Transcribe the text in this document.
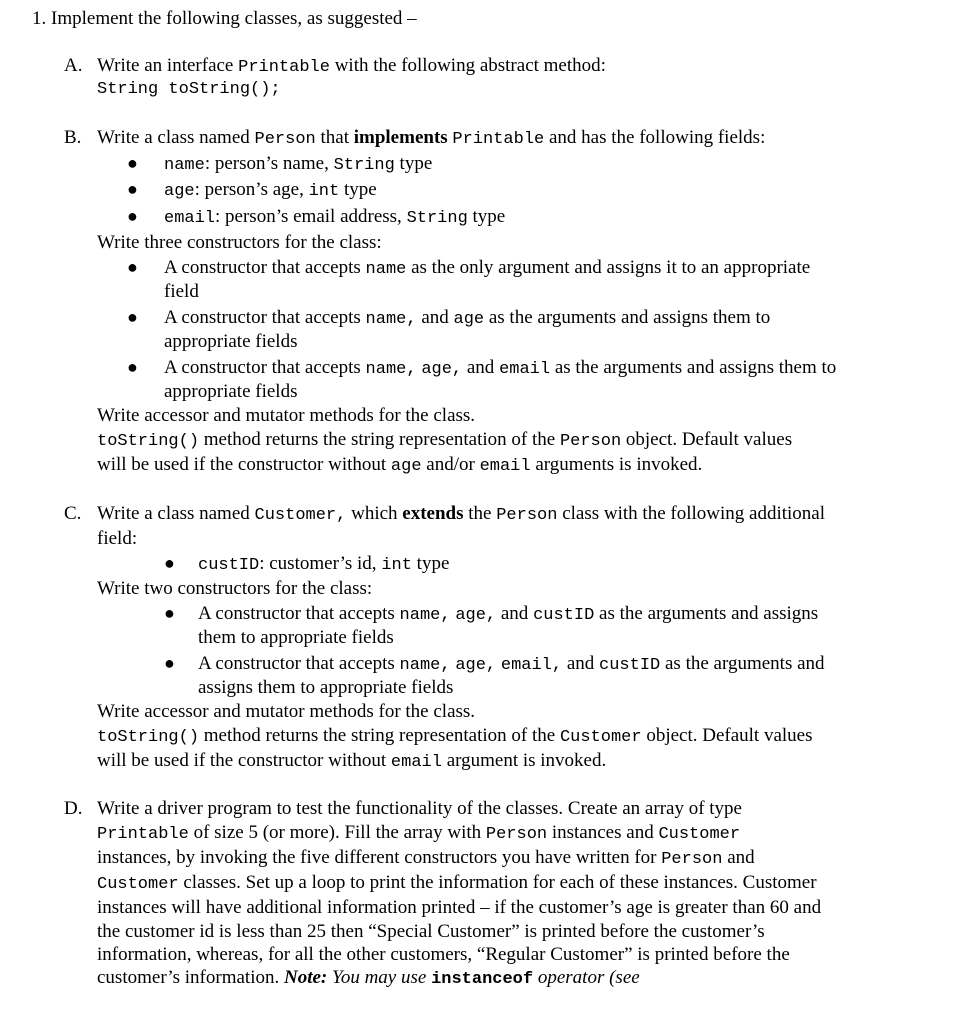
1. Implement the following classes, as suggested –
A. Write an interface Printable with the following abstract method:
String toString();
B. Write a class named Person that implements Printable and has the following fields:
● name: person’s name, String type
● age: person’s age, int type
● email: person’s email address, String type
Write three constructors for the class:
● A constructor that accepts name as the only argument and assigns it to an appropriate
field
● A constructor that accepts name, and age as the arguments and assigns them to
appropriate fields
● A constructor that accepts name, age, and email as the arguments and assigns them to
appropriate fields
Write accessor and mutator methods for the class.
toString() method returns the string representation of the Person object. Default values
will be used if the constructor without age and/or email arguments is invoked.
C. Write a class named Customer, which extends the Person class with the following additional
field:
● custID: customer’s id, int type
Write two constructors for the class:
● A constructor that accepts name, age, and custID as the arguments and assigns
them to appropriate fields
● A constructor that accepts name, age, email, and custID as the arguments and
assigns them to appropriate fields
Write accessor and mutator methods for the class.
toString() method returns the string representation of the Customer object. Default values
will be used if the constructor without email argument is invoked.
D. Write a driver program to test the functionality of the classes. Create an array of type
Printable of size 5 (or more). Fill the array with Person instances and Customer
instances, by invoking the five different constructors you have written for Person and
Customer classes. Set up a loop to print the information for each of these instances. Customer
instances will have additional information printed – if the customer’s age is greater than 60 and
the customer id is less than 25 then “Special Customer” is printed before the customer’s
information, whereas, for all the other customers, “Regular Customer” is printed before the
customer’s information. Note: You may use instanceof operator (see
